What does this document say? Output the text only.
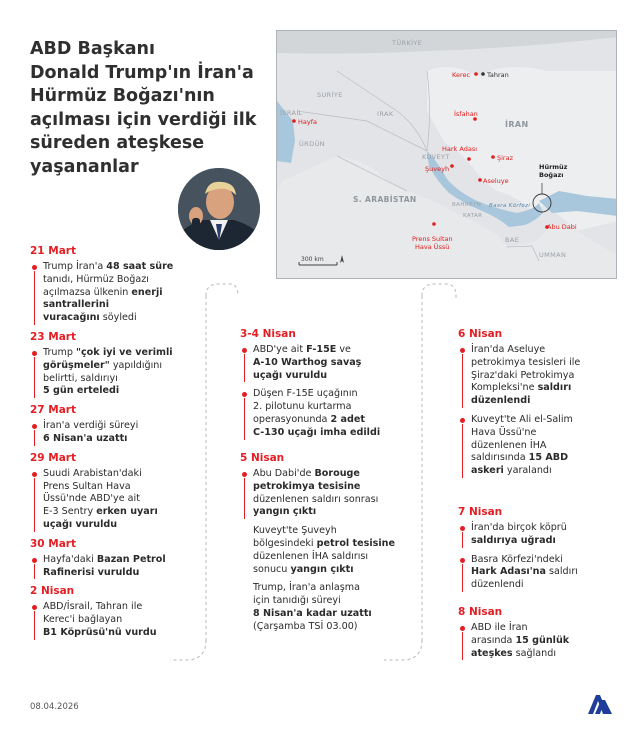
ABD Başkanı
Donald Trump'ın İran'a
Hürmüz Boğazı'nın
açılması için verdiği ilk
süreden ateşkese
yaşananlar
TÜRKİYE
SURİYE
İSRAİL	IRAK
ÜRDÜN
İRAN
KUVEYT
S. ARABİSTAN
BAHREYN
KATAR
BAE
UMMAN
Basra Körfezi
Kerec	Tahran
İsfahan
Hayfa
Hark Adası
Şiraz
Şuveyh
Aseluye
Abu Dabi
Prens Sultan Hava Üssü
Hürmüz Boğazı
300 km
21 Mart
Trump İran'a 48 saat süre
tanıdı, Hürmüz Boğazı
açılmazsa ülkenin enerji
santrallerini
vuracağını söyledi
23 Mart
Trump "çok iyi ve verimli
görüşmeler" yapıldığını
belirtti, saldırıyı
5 gün erteledi
27 Mart
İran'a verdiği süreyi
6 Nisan'a uzattı
29 Mart
Suudi Arabistan'daki
Prens Sultan Hava
Üssü'nde ABD'ye ait
E-3 Sentry erken uyarı
uçağı vuruldu
30 Mart
Hayfa'daki Bazan Petrol
Rafinerisi vuruldu
2 Nisan
ABD/İsrail, Tahran ile
Kerec'i bağlayan
B1 Köprüsü'nü vurdu
3-4 Nisan
ABD'ye ait F-15E ve
A-10 Warthog savaş
uçağı vuruldu
Düşen F-15E uçağının
2. pilotunu kurtarma
operasyonunda 2 adet
C-130 uçağı imha edildi
5 Nisan
Abu Dabi'de Borouge
petrokimya tesisine
düzenlenen saldırı sonrası
yangın çıktı
Kuveyt'te Şuveyh
bölgesindeki petrol tesisine
düzenlenen İHA saldırısı
sonucu yangın çıktı
Trump, İran'a anlaşma
için tanıdığı süreyi
8 Nisan'a kadar uzattı
(Çarşamba TSİ 03.00)
6 Nisan
İran'da Aseluye
petrokimya tesisleri ile
Şiraz'daki Petrokimya
Kompleksi'ne saldırı
düzenlendi
Kuveyt'te Ali el-Salim
Hava Üssü'ne
düzenlenen İHA
saldırısında 15 ABD
askeri yaralandı
7 Nisan
İran'da birçok köprü
saldırıya uğradı
Basra Körfezi'ndeki
Hark Adası'na saldırı
düzenlendi
8 Nisan
ABD ile İran
arasında 15 günlük
ateşkes sağlandı
08.04.2026
